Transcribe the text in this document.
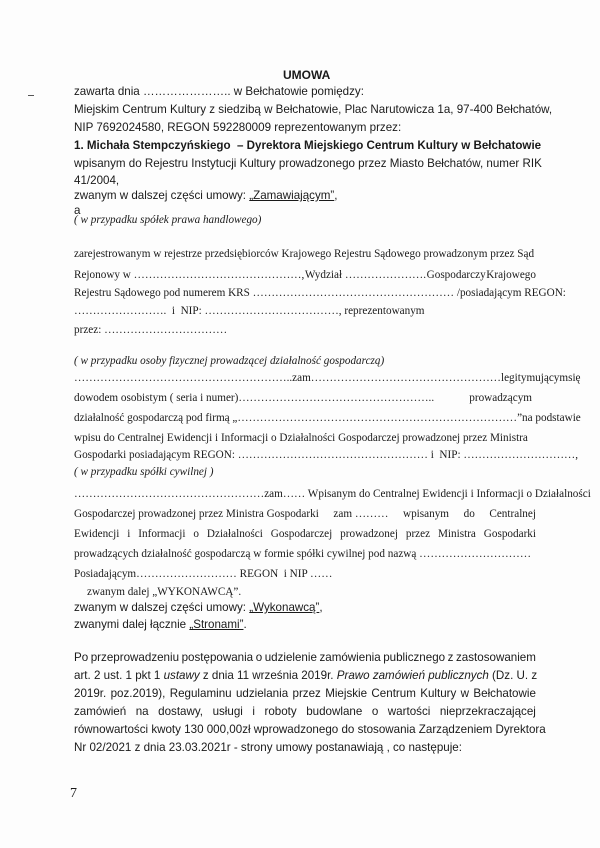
UMOWA
zawarta dnia ………………….. w Bełchatowie pomiędzy:
Miejskim Centrum Kultury z siedzibą w Bełchatowie, Plac Narutowicza 1a, 97-400 Bełchatów,
NIP 7692024580, REGON 592280009 reprezentowanym przez:
1. Michała Stempczyńskiego  – Dyrektora Miejskiego Centrum Kultury w Bełchatowie
wpisanym do Rejestru Instytucji Kultury prowadzonego przez Miasto Bełchatów, numer RIK
41/2004,
zwanym w dalszej części umowy: „Zamawiającym”,
a
( w przypadku spółek prawa handlowego)
zarejestrowanym w rejestrze przedsiębiorców Krajowego Rejestru Sądowego prowadzonym przez Sąd
Rejonowy w ………………………………………, Wydział …………………. Gospodarczy Krajowego
Rejestru Sądowego pod numerem KRS ……………………………………………… / posiadającym REGON:
…………………….  i  NIP: ………………………………, reprezentowanym
przez: ……………………………
( w przypadku osoby fizycznej prowadzącej działalność gospodarczą)
…………………………………………………..zam……………………………………………legitymującym się
dowodem osobistym ( seria i numer)……………………………………………..	prowadzącym
działalność gospodarczą pod firmą „…………………………………………………………………” na podstawie
wpisu do Centralnej Ewidencji i Informacji o Działalności Gospodarczej prowadzonej przez Ministra
Gospodarki posiadającym REGON: …………………………………………… i  NIP: …………………………,
( w przypadku spółki cywilnej )
…………………………………………… zam…… Wpisanym do Centralnej Ewidencji i Informacji o Działalności
Gospodarczej prowadzonej przez Ministra Gospodarki zam ……… wpisanym do Centralnej
Ewidencji i Informacji o Działalności Gospodarczej prowadzonej przez Ministra Gospodarki
prowadzących działalność gospodarczą w formie spółki cywilnej pod nazwą …………………………
Posiadającym……………………… REGON  i NIP ……
zwanym dalej „WYKONAWCĄ”.
zwanym w dalszej części umowy: „Wykonawcą”,
zwanymi dalej łącznie „Stronami”.
Po przeprowadzeniu postępowania o udzielenie zamówienia publicznego z zastosowaniem
art. 2 ust. 1 pkt 1 ustawy z dnia 11 września 2019r. Prawo zamówień publicznych (Dz. U. z
2019r. poz.2019), Regulaminu udzielania przez Miejskie Centrum Kultury w Bełchatowie
zamówień na dostawy, usługi i roboty budowlane o wartości nieprzekraczającej
równowartości kwoty 130 000,00zł wprowadzonego do stosowania Zarządzeniem Dyrektora
Nr 02/2021 z dnia 23.03.2021r - strony umowy postanawiają , co następuje:
7
